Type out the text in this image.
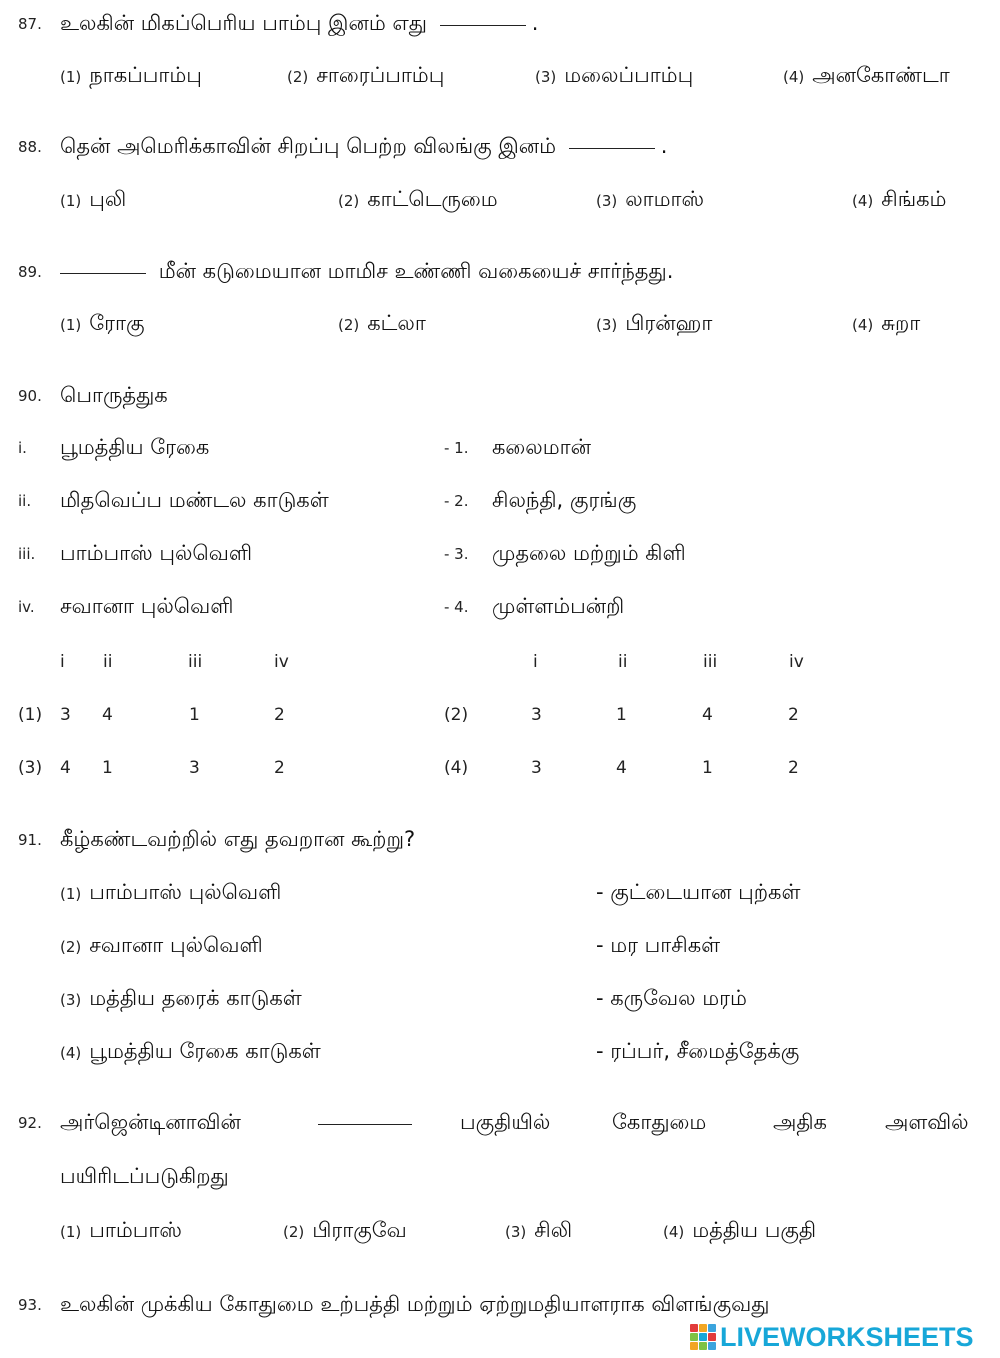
87. உலகின் மிகப்பெரிய பாம்பு இனம் எது	.
(1) நாகப்பாம்பு	(2) சாரைப்பாம்பு	(3) மலைப்பாம்பு	(4) அனகோண்டா
88. தென் அமெரிக்காவின் சிறப்பு பெற்ற விலங்கு இனம்	.
(1) புலி	(2) காட்டெருமை	(3) லாமாஸ்	(4) சிங்கம்
89.	மீன் கடுமையான மாமிச உண்ணி வகையைச் சார்ந்தது.
(1) ரோகு	(2) கட்லா	(3) பிரன்ஹா	(4) சுறா
90. பொருத்துக
i. பூமத்திய ரேகை	- 1. கலைமான்
ii. மிதவெப்ப மண்டல காடுகள்	- 2. சிலந்தி, குரங்கு
iii. பாம்பாஸ் புல்வெளி	- 3. முதலை மற்றும் கிளி
iv. சவானா புல்வெளி	- 4. முள்ளம்பன்றி
i ii	iii	iv	i	ii	iii	iv
(1) 3 4	1	2	(2)	3	1	4	2
(3) 4 1	3	2	(4)	3	4	1	2
91. கீழ்கண்டவற்றில் எது தவறான கூற்று?
(1) பாம்பாஸ் புல்வெளி	- குட்டையான புற்கள்
(2) சவானா புல்வெளி	- மர பாசிகள்
(3) மத்திய தரைக் காடுகள்	- கருவேல மரம்
(4) பூமத்திய ரேகை காடுகள்	- ரப்பர், சீமைத்தேக்கு
92. அர்ஜென்டினாவின்	பகுதியில்	கோதுமை	அதிக	அளவில்
பயிரிடப்படுகிறது
(1) பாம்பாஸ்	(2) பிராகுவே	(3) சிலி	(4) மத்திய பகுதி
93. உலகின் முக்கிய கோதுமை உற்பத்தி மற்றும் ஏற்றுமதியாளராக விளங்குவது
LIVEWORKSHEETS
